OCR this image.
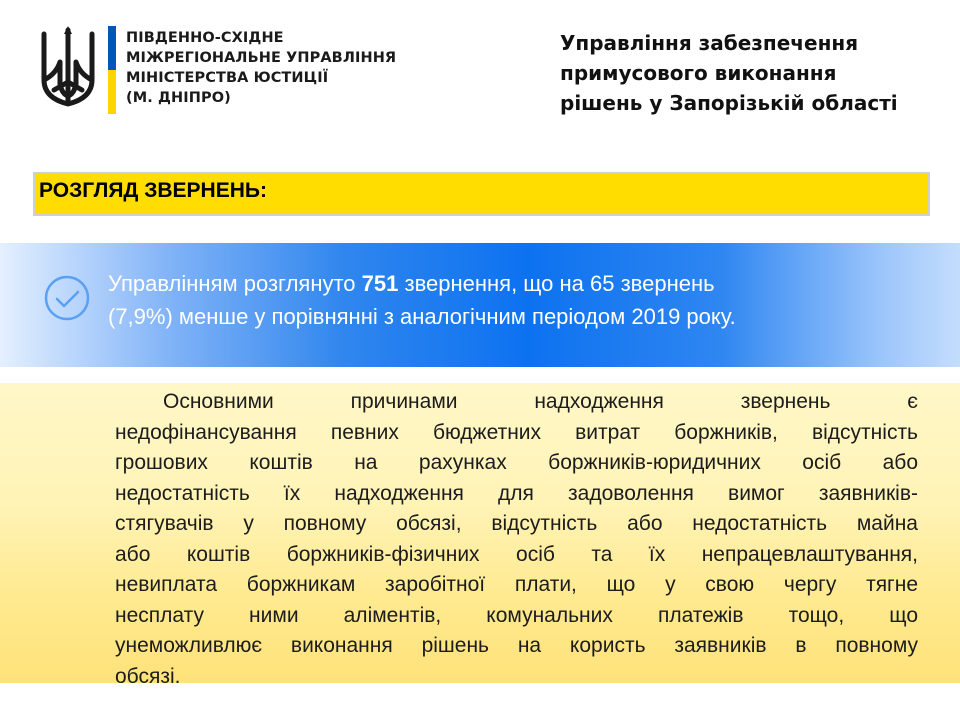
ПІВДЕННО-СХІДНЕ
МІЖРЕГІОНАЛЬНЕ УПРАВЛІННЯ
МІНІСТЕРСТВА ЮСТИЦІЇ
(М. ДНІПРО)
Управління забезпечення
примусового виконання
рішень у Запорізькій області
РОЗГЛЯД ЗВЕРНЕНЬ:
Управлінням розглянуто 751 звернення, що на 65 звернень
(7,9%) менше у порівнянні з аналогічним періодом 2019 року.
Основними причинами надходження звернень є
недофінансування певних бюджетних витрат боржників, відсутність
грошових коштів на рахунках боржників-юридичних осіб або
недостатність їх надходження для задоволення вимог заявників-
стягувачів у повному обсязі, відсутність або недостатність майна
або коштів боржників-фізичних осіб та їх непрацевлаштування,
невиплата боржникам заробітної плати, що у свою чергу тягне
несплату ними аліментів, комунальних платежів тощо, що
унеможливлює виконання рішень на користь заявників в повному
обсязі.
